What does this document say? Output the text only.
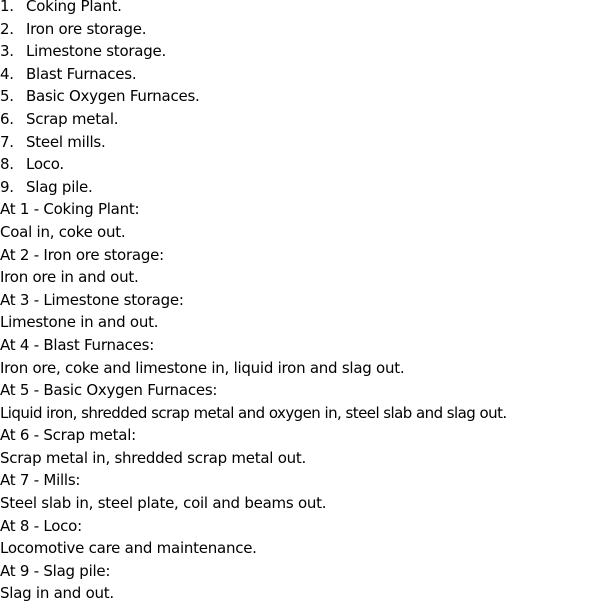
1. Coking Plant.
2. Iron ore storage.
3. Limestone storage.
4. Blast Furnaces.
5. Basic Oxygen Furnaces.
6. Scrap metal.
7. Steel mills.
8. Loco.
9. Slag pile.
At 1 - Coking Plant:
Coal in, coke out.
At 2 - Iron ore storage:
Iron ore in and out.
At 3 - Limestone storage:
Limestone in and out.
At 4 - Blast Furnaces:
Iron ore, coke and limestone in, liquid iron and slag out.
At 5 - Basic Oxygen Furnaces:
Liquid iron, shredded scrap metal and oxygen in, steel slab and slag out.
At 6 - Scrap metal:
Scrap metal in, shredded scrap metal out.
At 7 - Mills:
Steel slab in, steel plate, coil and beams out.
At 8 - Loco:
Locomotive care and maintenance.
At 9 - Slag pile:
Slag in and out.
